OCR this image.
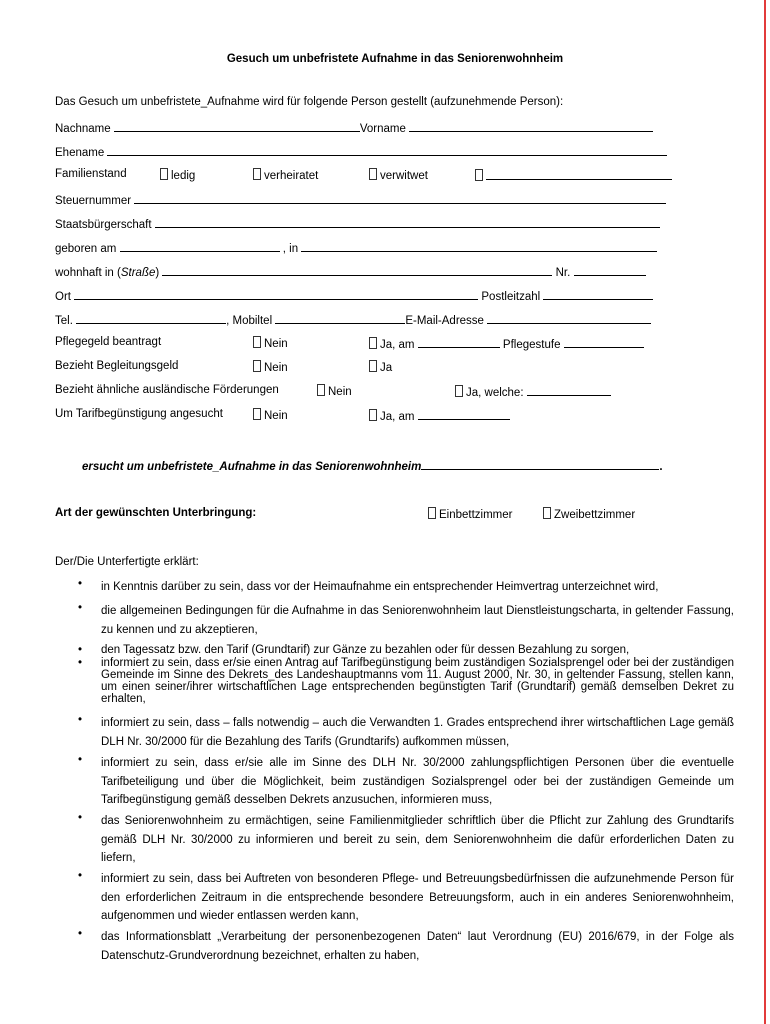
Gesuch um unbefristete Aufnahme in das Seniorenwohnheim
Das Gesuch um unbefristete_Aufnahme wird für folgende Person gestellt (aufzunehmende Person):
Nachname	Vorname
Ehename
Familienstand	ledig	verheiratet	verwitwet
Steuernummer
Staatsbürgerschaft
geboren am	, in
wohnhaft in (Straße)	Nr.
Ort	Postleitzahl
Tel.	, Mobiltel	E-Mail-Adresse
Pflegegeld beantragt	Nein	Ja, am	Pflegestufe
Bezieht Begleitungsgeld	Nein	Ja
Bezieht ähnliche ausländische Förderungen	Nein	Ja, welche:
Um Tarifbegünstigung angesucht	Nein	Ja, am
ersucht um unbefristete_Aufnahme in das Seniorenwohnheim	.
Art der gewünschten Unterbringung:	Einbettzimmer	Zweibettzimmer
Der/Die Unterfertigte erklärt:
• in Kenntnis darüber zu sein, dass vor der Heimaufnahme ein entsprechender Heimvertrag unterzeichnet wird,
• die allgemeinen Bedingungen für die Aufnahme in das Seniorenwohnheim laut Dienstleistungscharta, in geltender Fassung, zu kennen und zu akzeptieren,
• den Tagessatz bzw. den Tarif (Grundtarif) zur Gänze zu bezahlen oder für dessen Bezahlung zu sorgen,
• informiert zu sein, dass er/sie einen Antrag auf Tarifbegünstigung beim zuständigen Sozialsprengel oder bei der zuständigen Gemeinde im Sinne des Dekrets_des Landeshauptmanns vom 11. August 2000, Nr. 30, in geltender Fassung, stellen kann, um einen seiner/ihrer wirtschaftlichen Lage entsprechenden begünstigten Tarif (Grundtarif) gemäß demselben Dekret zu erhalten,
• informiert zu sein, dass – falls notwendig – auch die Verwandten 1. Grades entsprechend ihrer wirtschaftlichen Lage gemäß DLH Nr. 30/2000 für die Bezahlung des Tarifs (Grundtarifs) aufkommen müssen,
• informiert zu sein, dass er/sie alle im Sinne des DLH Nr. 30/2000 zahlungspflichtigen Personen über die eventuelle Tarifbeteiligung und über die Möglichkeit, beim zuständigen Sozialsprengel oder bei der zuständigen Gemeinde um Tarifbegünstigung gemäß desselben Dekrets anzusuchen, informieren muss,
• das Seniorenwohnheim zu ermächtigen, seine Familienmitglieder schriftlich über die Pflicht zur Zahlung des Grundtarifs gemäß DLH Nr. 30/2000 zu informieren und bereit zu sein, dem Seniorenwohnheim die dafür erforderlichen Daten zu liefern,
• informiert zu sein, dass bei Auftreten von besonderen Pflege- und Betreuungsbedürfnissen die aufzunehmende Person für den erforderlichen Zeitraum in die entsprechende besondere Betreuungsform, auch in ein anderes Seniorenwohnheim, aufgenommen und wieder entlassen werden kann,
• das Informationsblatt „Verarbeitung der personenbezogenen Daten“ laut Verordnung (EU) 2016/679, in der Folge als Datenschutz-Grundverordnung bezeichnet, erhalten zu haben,
